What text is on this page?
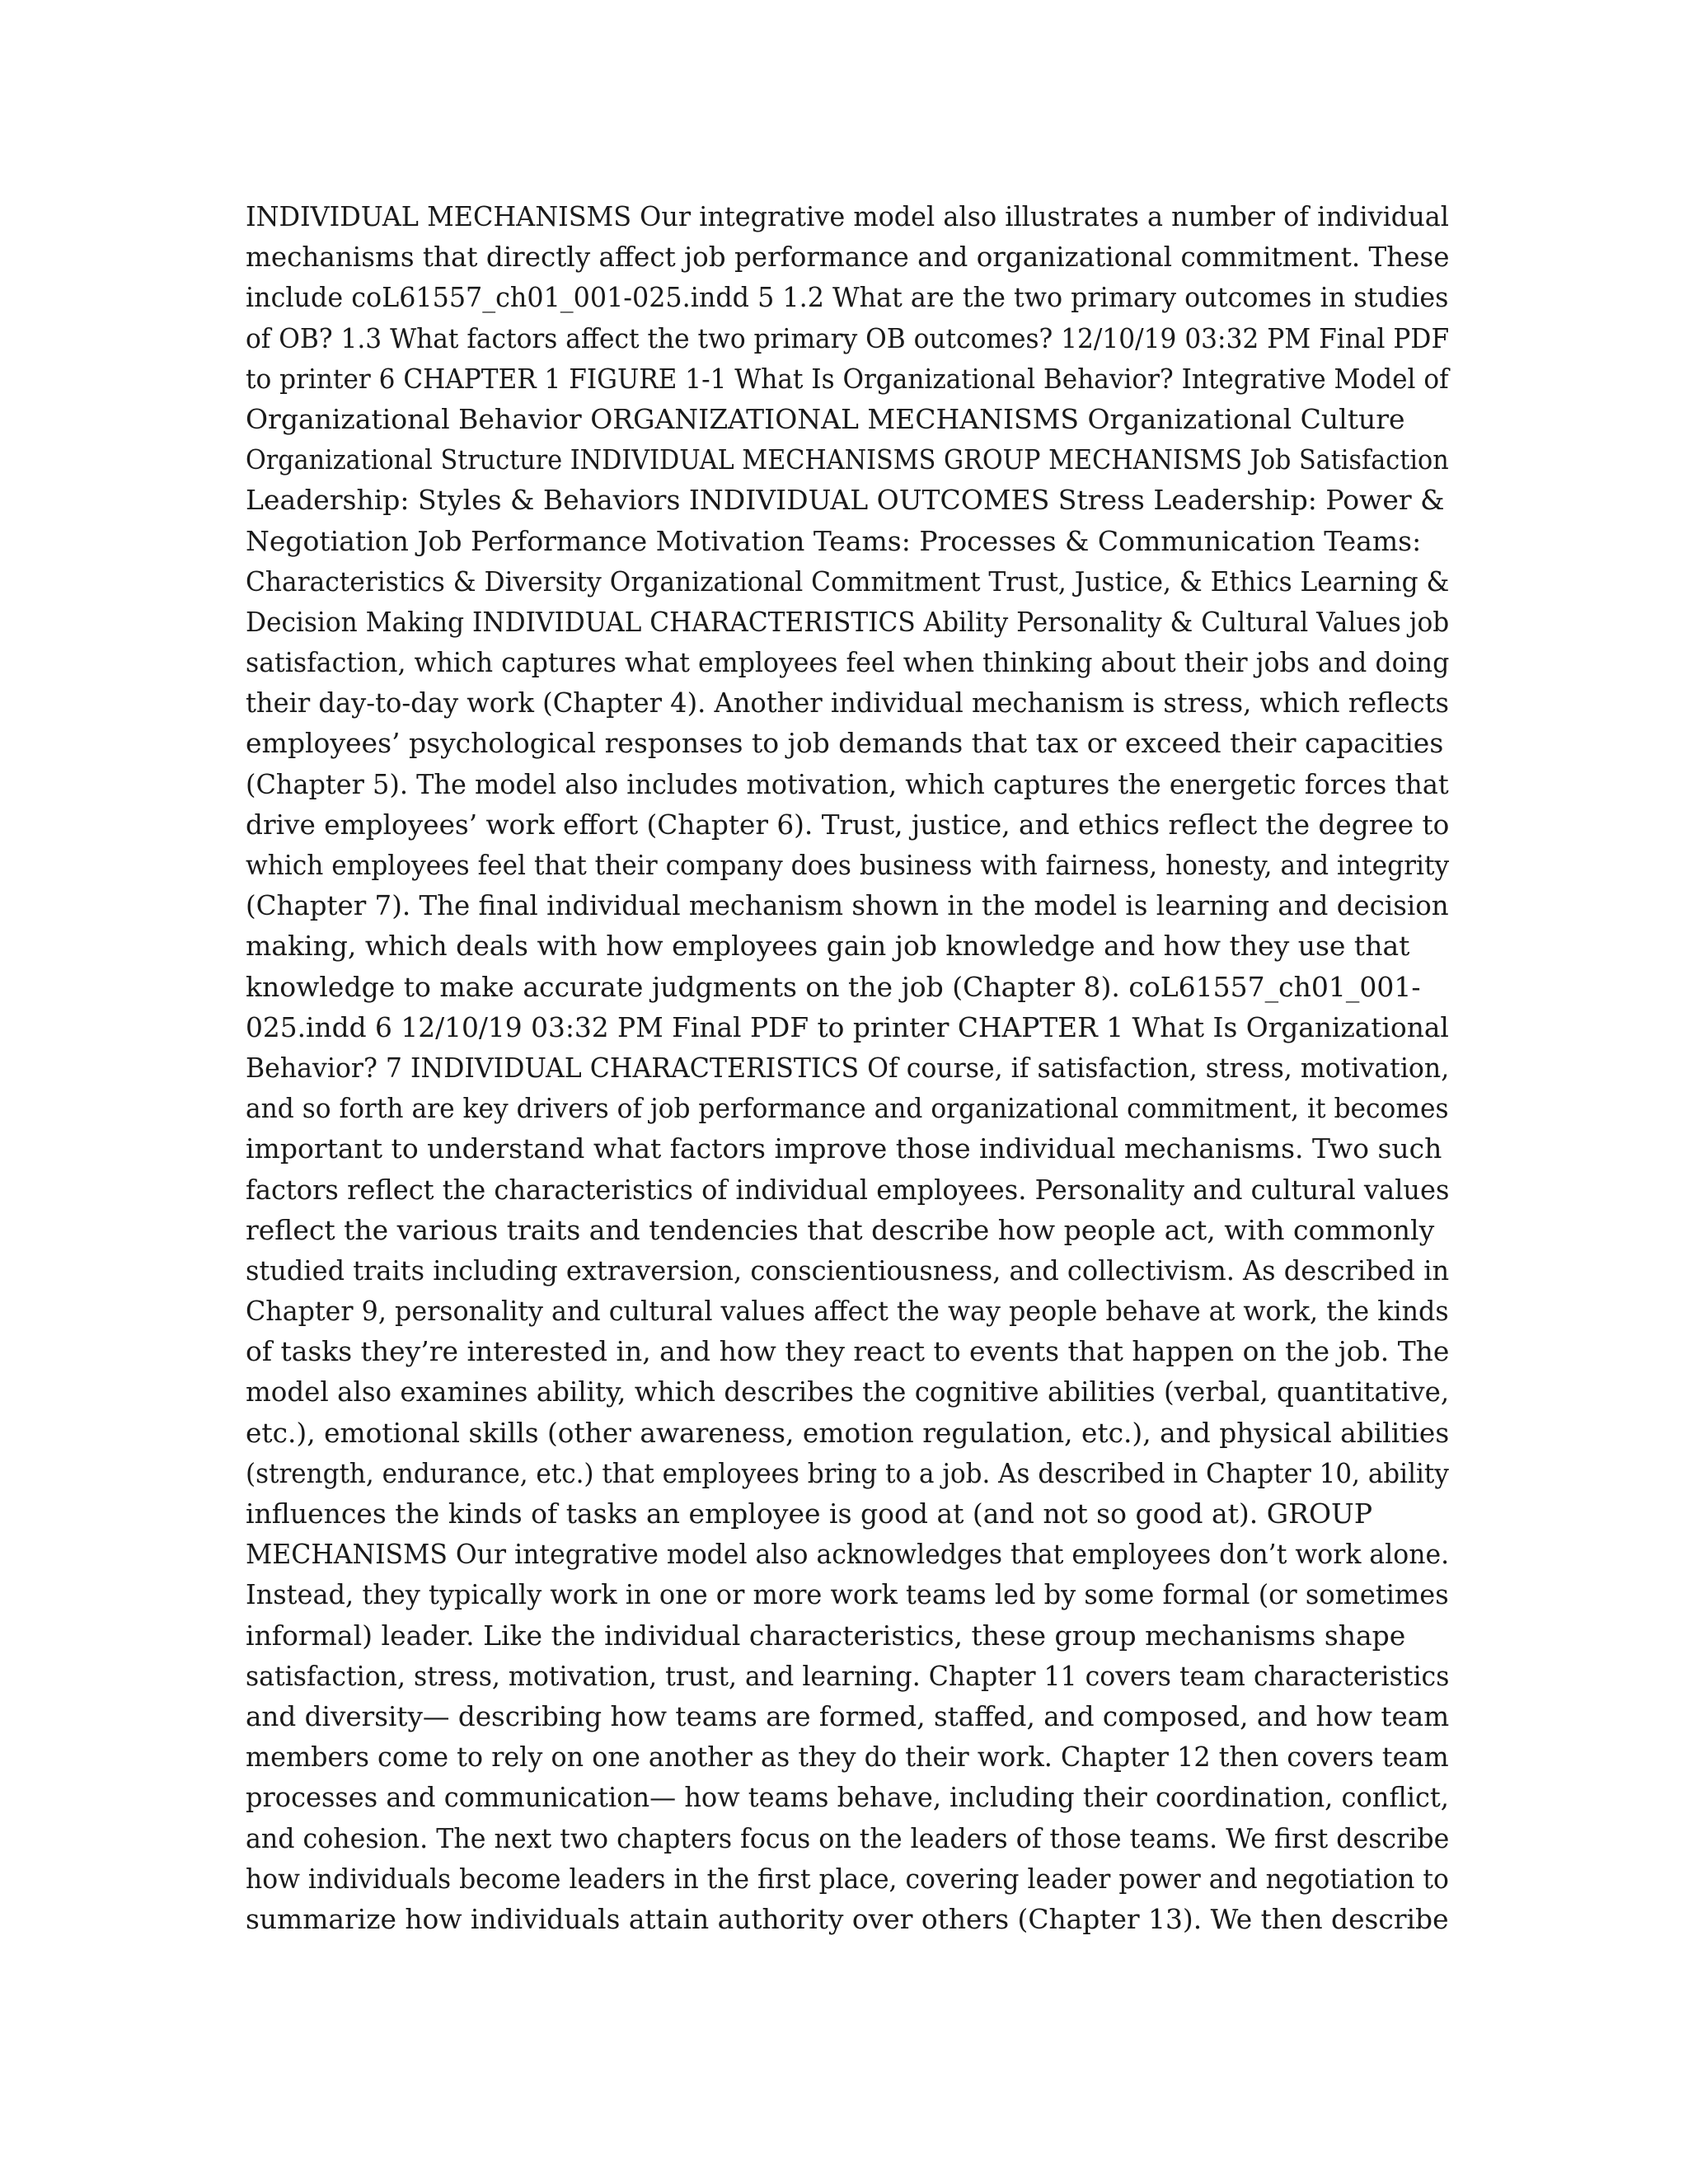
INDIVIDUAL MECHANISMS Our integrative model also illustrates a number of individual
mechanisms that directly affect job performance and organizational commitment. These
include coL61557_ch01_001-025.indd 5 1.2 What are the two primary outcomes in studies
of OB? 1.3 What factors affect the two primary OB outcomes? 12/10/19 03:32 PM Final PDF
to printer 6 CHAPTER 1 FIGURE 1-1 What Is Organizational Behavior? Integrative Model of
Organizational Behavior ORGANIZATIONAL MECHANISMS Organizational Culture
Organizational Structure INDIVIDUAL MECHANISMS GROUP MECHANISMS Job Satisfaction
Leadership: Styles & Behaviors INDIVIDUAL OUTCOMES Stress Leadership: Power &
Negotiation Job Performance Motivation Teams: Processes & Communication Teams:
Characteristics & Diversity Organizational Commitment Trust, Justice, & Ethics Learning &
Decision Making INDIVIDUAL CHARACTERISTICS Ability Personality & Cultural Values job
satisfaction, which captures what employees feel when thinking about their jobs and doing
their day-to-day work (Chapter 4). Another individual mechanism is stress, which reflects
employees’ psychological responses to job demands that tax or exceed their capacities
(Chapter 5). The model also includes motivation, which captures the energetic forces that
drive employees’ work effort (Chapter 6). Trust, justice, and ethics reflect the degree to
which employees feel that their company does business with fairness, honesty, and integrity
(Chapter 7). The final individual mechanism shown in the model is learning and decision
making, which deals with how employees gain job knowledge and how they use that
knowledge to make accurate judgments on the job (Chapter 8). coL61557_ch01_001-
025.indd 6 12/10/19 03:32 PM Final PDF to printer CHAPTER 1 What Is Organizational
Behavior? 7 INDIVIDUAL CHARACTERISTICS Of course, if satisfaction, stress, motivation,
and so forth are key drivers of job performance and organizational commitment, it becomes
important to understand what factors improve those individual mechanisms. Two such
factors reflect the characteristics of individual employees. Personality and cultural values
reflect the various traits and tendencies that describe how people act, with commonly
studied traits including extraversion, conscientiousness, and collectivism. As described in
Chapter 9, personality and cultural values affect the way people behave at work, the kinds
of tasks they’re interested in, and how they react to events that happen on the job. The
model also examines ability, which describes the cognitive abilities (verbal, quantitative,
etc.), emotional skills (other awareness, emotion regulation, etc.), and physical abilities
(strength, endurance, etc.) that employees bring to a job. As described in Chapter 10, ability
influences the kinds of tasks an employee is good at (and not so good at). GROUP
MECHANISMS Our integrative model also acknowledges that employees don’t work alone.
Instead, they typically work in one or more work teams led by some formal (or sometimes
informal) leader. Like the individual characteristics, these group mechanisms shape
satisfaction, stress, motivation, trust, and learning. Chapter 11 covers team characteristics
and diversity— describing how teams are formed, staffed, and composed, and how team
members come to rely on one another as they do their work. Chapter 12 then covers team
processes and communication— how teams behave, including their coordination, conflict,
and cohesion. The next two chapters focus on the leaders of those teams. We first describe
how individuals become leaders in the first place, covering leader power and negotiation to
summarize how individuals attain authority over others (Chapter 13). We then describe
